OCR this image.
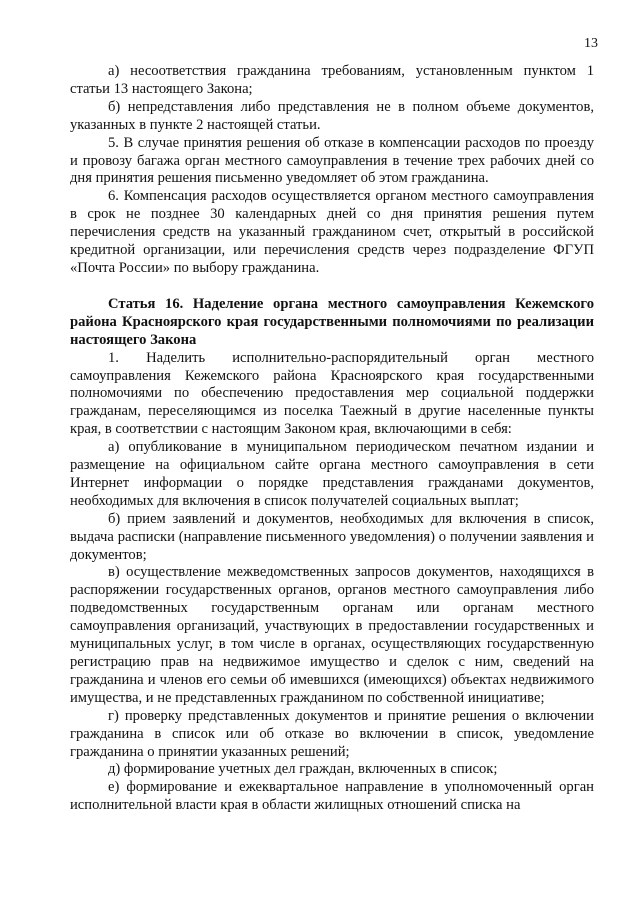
13

а) несоответствия гражданина требованиям, установленным пунктом 1 статьи 13 настоящего Закона;

б) непредставления либо представления не в полном объеме документов, указанных в пункте 2 настоящей статьи.

5. В случае принятия решения об отказе в компенсации расходов по проезду и провозу багажа орган местного самоуправления в течение трех рабочих дней со дня принятия решения письменно уведомляет об этом гражданина.

6. Компенсация расходов осуществляется органом местного самоуправления в срок не позднее 30 календарных дней со дня принятия решения путем перечисления средств на указанный гражданином счет, открытый в российской кредитной организации, или перечисления средств через подразделение ФГУП «Почта России» по выбору гражданина.

Статья 16. Наделение органа местного самоуправления Кежемского района Красноярского края государственными полномочиями по реализации настоящего Закона

1. Наделить исполнительно-распорядительный орган местного самоуправления Кежемского района Красноярского края государственными полномочиями по обеспечению предоставления мер социальной поддержки гражданам, переселяющимся из поселка Таежный в другие населенные пункты края, в соответствии с настоящим Законом края, включающими в себя:

а) опубликование в муниципальном периодическом печатном издании и размещение на официальном сайте органа местного самоуправления в сети Интернет информации о порядке представления гражданами документов, необходимых для включения в список получателей социальных выплат;

б) прием заявлений и документов, необходимых для включения в список, выдача расписки (направление письменного уведомления) о получении заявления и документов;

в) осуществление межведомственных запросов документов, находящихся в распоряжении государственных органов, органов местного самоуправления либо подведомственных государственным органам или органам местного самоуправления организаций, участвующих в предоставлении государственных и муниципальных услуг, в том числе в органах, осуществляющих государственную регистрацию прав на недвижимое имущество и сделок с ним, сведений на гражданина и членов его семьи об имевшихся (имеющихся) объектах недвижимого имущества, и не представленных гражданином по собственной инициативе;

г) проверку представленных документов и принятие решения о включении гражданина в список или об отказе во включении в список, уведомление гражданина о принятии указанных решений;

д) формирование учетных дел граждан, включенных в список;

е) формирование и ежеквартальное направление в уполномоченный орган исполнительной власти края в области жилищных отношений списка на
